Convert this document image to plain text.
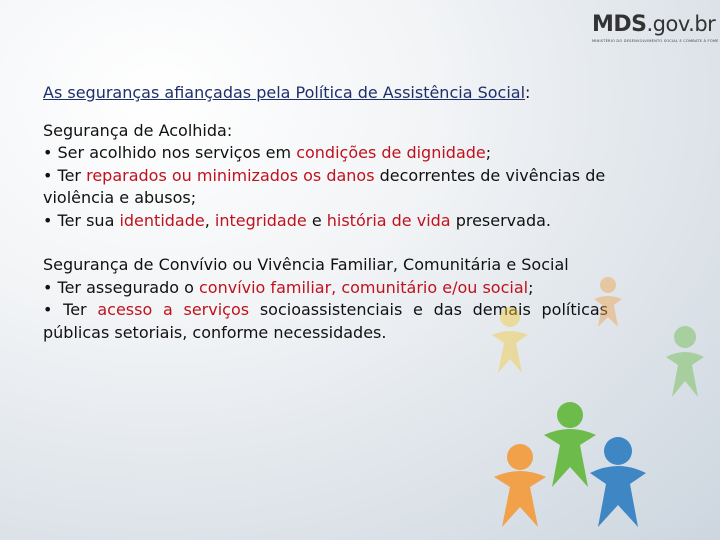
MDS.gov.br
MINISTÉRIO DO DESENVOLVIMENTO SOCIAL E COMBATE À FOME

As seguranças afiançadas pela Política de Assistência Social:

Segurança de Acolhida:

• Ser acolhido nos serviços em condições de dignidade;

• Ter reparados ou minimizados os danos decorrentes de vivências de violência e abusos;

• Ter sua identidade, integridade e história de vida preservada.

Segurança de Convívio ou Vivência Familiar, Comunitária e Social

• Ter assegurado o convívio familiar, comunitário e/ou social;

• Ter acesso a serviços socioassistenciais e das demais políticas públicas setoriais, conforme necessidades.
